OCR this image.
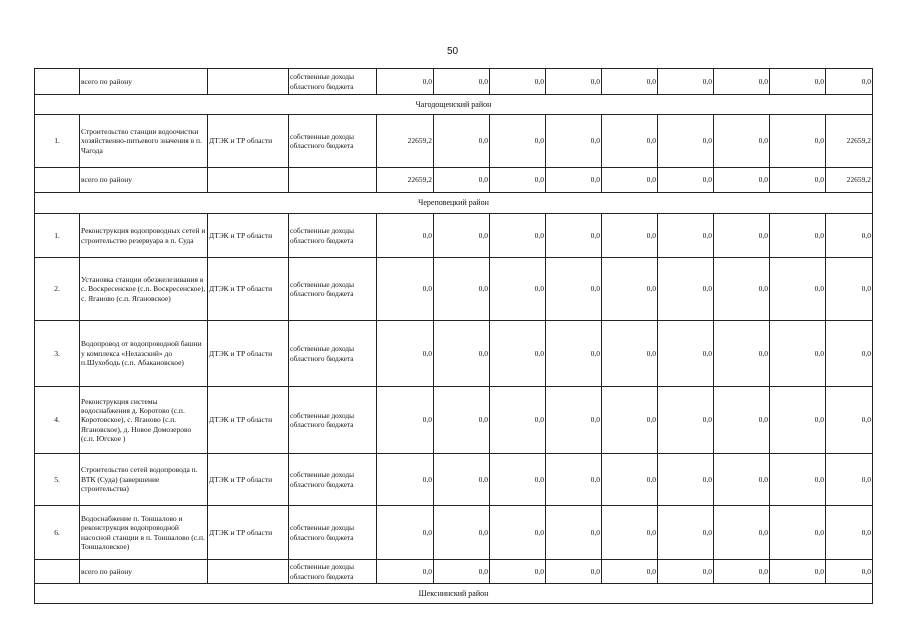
50
	всего по району		собственные доходы областного бюджета	0,0	0,0	0,0	0,0	0,0	0,0	0,0	0,0	0,0
Чагодощенский район												
1.	Строительство станции водоочистки хозяйственно-питьевого значения в п. Чагода	ДТЭК и ТР области	собственные доходы областного бюджета	22659,2	0,0	0,0	0,0	0,0	0,0	0,0	0,0	22659,2
	всего по району			22659,2	0,0	0,0	0,0	0,0	0,0	0,0	0,0	22659,2
Череповецкий район												
1.	Реконструкция водопроводных сетей и строительство резервуара в п. Суда	ДТЭК и ТР области	собственные доходы областного бюджета	0,0	0,0	0,0	0,0	0,0	0,0	0,0	0,0	0,0
2.	Установка станции обезжелезивания в с. Воскресенское (с.п. Воскресенское), с. Яганово (с.п. Ягановское)	ДТЭК и ТР области	собственные доходы областного бюджета	0,0	0,0	0,0	0,0	0,0	0,0	0,0	0,0	0,0
3.	Водопровод от водопроводной башни у комплекса «Нелазский» до п.Шухободь (с.п. Абакановское)	ДТЭК и ТР области	собственные доходы областного бюджета	0,0	0,0	0,0	0,0	0,0	0,0	0,0	0,0	0,0
4.	Реконструкция системы водоснабжения д. Коротово (с.п. Коротовское), с. Яганово (с.п. Ягановское), д. Новое Домозерово (с.п. Югское )	ДТЭК и ТР области	собственные доходы областного бюджета	0,0	0,0	0,0	0,0	0,0	0,0	0,0	0,0	0,0
5.	Строительство сетей водопровода п. ВТК (Суда) (завершение строительства)	ДТЭК и ТР области	собственные доходы областного бюджета	0,0	0,0	0,0	0,0	0,0	0,0	0,0	0,0	0,0
6.	Водоснабжение п. Тоншалово и реконструкция водопроводной насосной станции в п. Тоншалово (с.п. Тоншаловское)	ДТЭК и ТР области	собственные доходы областного бюджета	0,0	0,0	0,0	0,0	0,0	0,0	0,0	0,0	0,0
	всего по району		собственные доходы областного бюджета	0,0	0,0	0,0	0,0	0,0	0,0	0,0	0,0	0,0
Шекснинский район												
